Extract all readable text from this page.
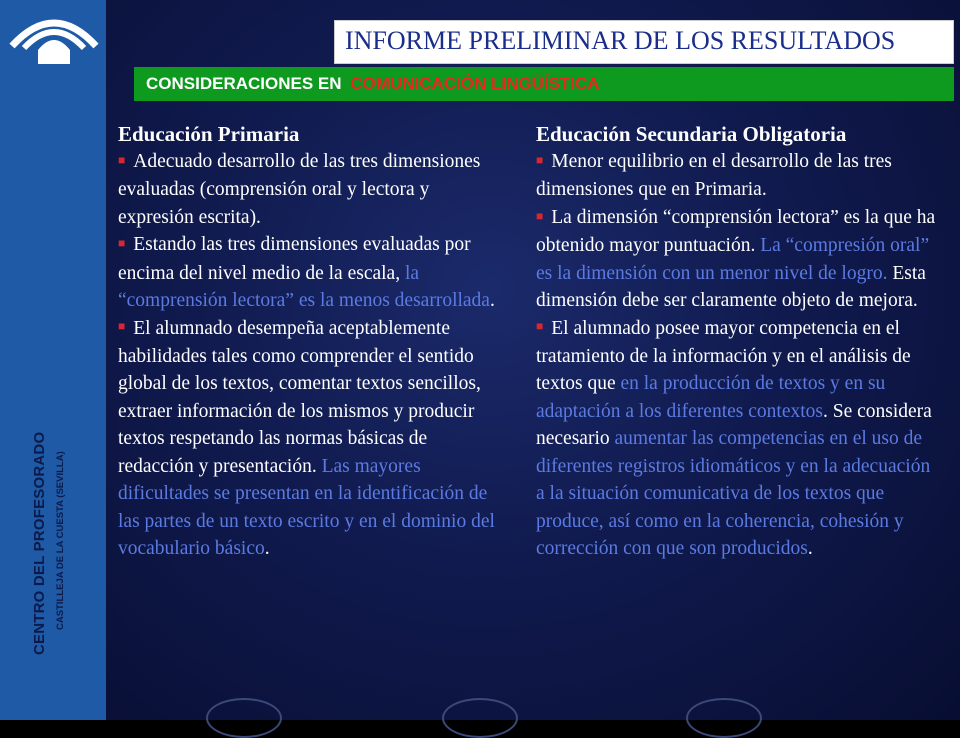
CENTRO DEL PROFESORADO CASTILLEJA DE LA CUESTA (SEVILLA)
INFORME PRELIMINAR DE LOS RESULTADOS
CONSIDERACIONES EN COMUNICACIÓN LINGÜÍSTICA
Educación Primaria

■ Adecuado desarrollo de las tres dimensiones evaluadas (comprensión oral y lectora y expresión escrita).

■ Estando las tres dimensiones evaluadas por encima del nivel medio de la escala, la “comprensión lectora” es la menos desarrollada.

■ El alumnado desempeña aceptablemente habilidades tales como comprender el sentido global de los textos, comentar textos sencillos, extraer información de los mismos y producir textos respetando las normas básicas de redacción y presentación. Las mayores dificultades se presentan en la identificación de las partes de un texto escrito y en el dominio del vocabulario básico.

Educación Secundaria Obligatoria

■ Menor equilibrio en el desarrollo de las tres dimensiones que en Primaria.

■ La dimensión “comprensión lectora” es la que ha obtenido mayor puntuación. La “compresión oral” es la dimensión con un menor nivel de logro. Esta dimensión debe ser claramente objeto de mejora.

■ El alumnado posee mayor competencia en el tratamiento de la información y en el análisis de textos que en la producción de textos y en su adaptación a los diferentes contextos. Se considera necesario aumentar las competencias en el uso de diferentes registros idiomáticos y en la adecuación a la situación comunicativa de los textos que produce, así como en la coherencia, cohesión y corrección con que son producidos.
